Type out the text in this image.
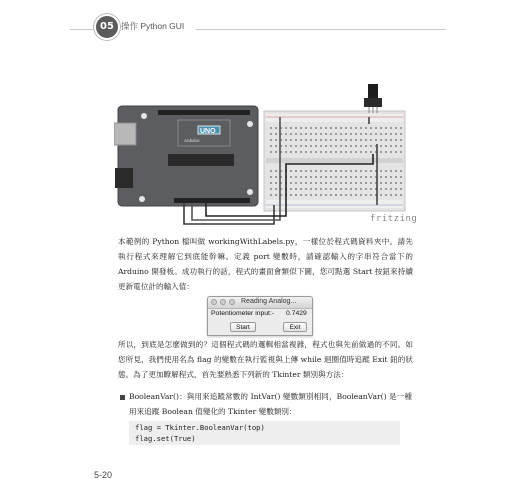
05 操作 Python GUI
UNO
Arduino
fritzing
本範例的 Python 檔叫做 workingWithLabels.py，一樣位於程式碼資料夾中。請先執行程式來理解它到底能幹嘛。定義 port 變數時，請確認輸入的字串符合當下的 Arduino 開發板。成功執行的話，程式的畫面會類似下圖，您可點選 Start 按鈕來持續更新電位計的輸入值：
Reading Analog...
Potentiometer input:- 0.7429
Start	Exit
所以，到底是怎麼做到的？這個程式碼的邏輯相當複雜，程式也與先前做過的不同。如您所見，我們使用名為 flag 的變數在執行監視與上傳 while 迴圈值時追蹤 Exit 鈕的狀態。為了更加瞭解程式，首先要熟悉下列新的 Tkinter 類別與方法：
BooleanVar()：與用來追蹤常數的 IntVar() 變數類別相同，BooleanVar() 是一種用來追蹤 Boolean 值變化的 Tkinter 變數類別：
flag = Tkinter.BooleanVar(top)
flag.set(True)
5-20
